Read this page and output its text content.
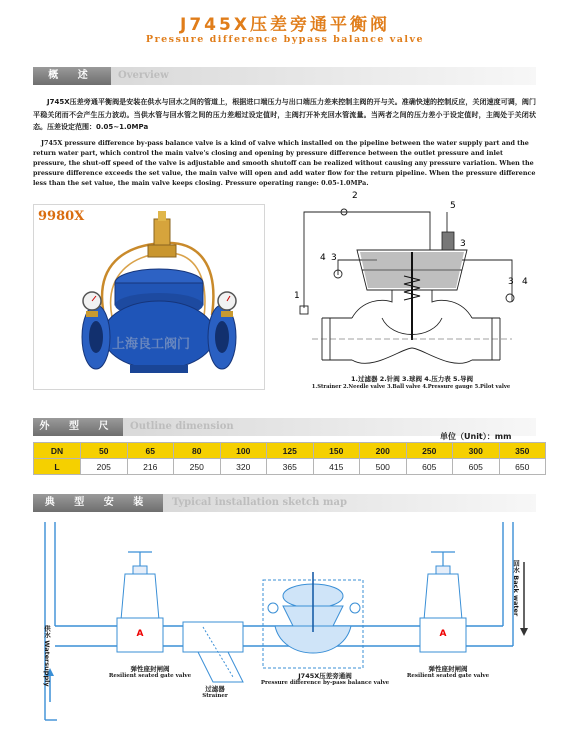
J745X压差旁通平衡阀
Pressure difference bypass balance valve
概 述	Overview
J745X压差旁通平衡阀是安装在供水与回水之间的管道上，根据进口端压力与出口端压力差来控制主阀的开与关。准确快速的控制反应，关闭速度可调，阀门平稳关闭而不会产生压力波动。当供水管与回水管之间的压力差超过设定值时，主阀打开补充回水管流量。当两者之间的压力差小于设定值时，主阀处于关闭状态。压差设定范围：0.05~1.0MPa
J745X pressure difference by-pass balance valve is a kind of valve which installed on the pipeline between the water supply part and the return water part, which control the main valve's closing and opening by pressure difference between the outlet pressure and inlet pressure, the shut-off speed of the valve is adjustable and smooth shutoff can be realized without causing any pressure variation. When the pressure difference exceeds the set value, the main valve will open and add water flow for the return pipeline. When the pressure difference less than the set value, the main valve keeps closing. Pressure operating range: 0.05-1.0MPa.
9980X
上海良工阀门
1
2
4 3
5
3
3 4
1.过滤器 2.针阀 3.球阀 4.压力表 5.导阀
1.Strainer 2.Needle valve 3.Ball valve 4.Pressure gauge 5.Pilot valve
外 型 尺	Outline dimension
单位（Unit）：mm
DN	50	65	80	100	125	150	200	250	300	350
L	205	216	250	320	365	415	500	605	605	650
典 型 安 装 示 意 图
Typical installation sketch map
A	A
供水 Watersupply
回水 Back water
弹性座封闸阀
Resilient seated gate valve
过滤器
Strainer
J745X压差旁通阀
Pressure difference by-pass balance valve
弹性座封闸阀
Resilient seated gate valve
